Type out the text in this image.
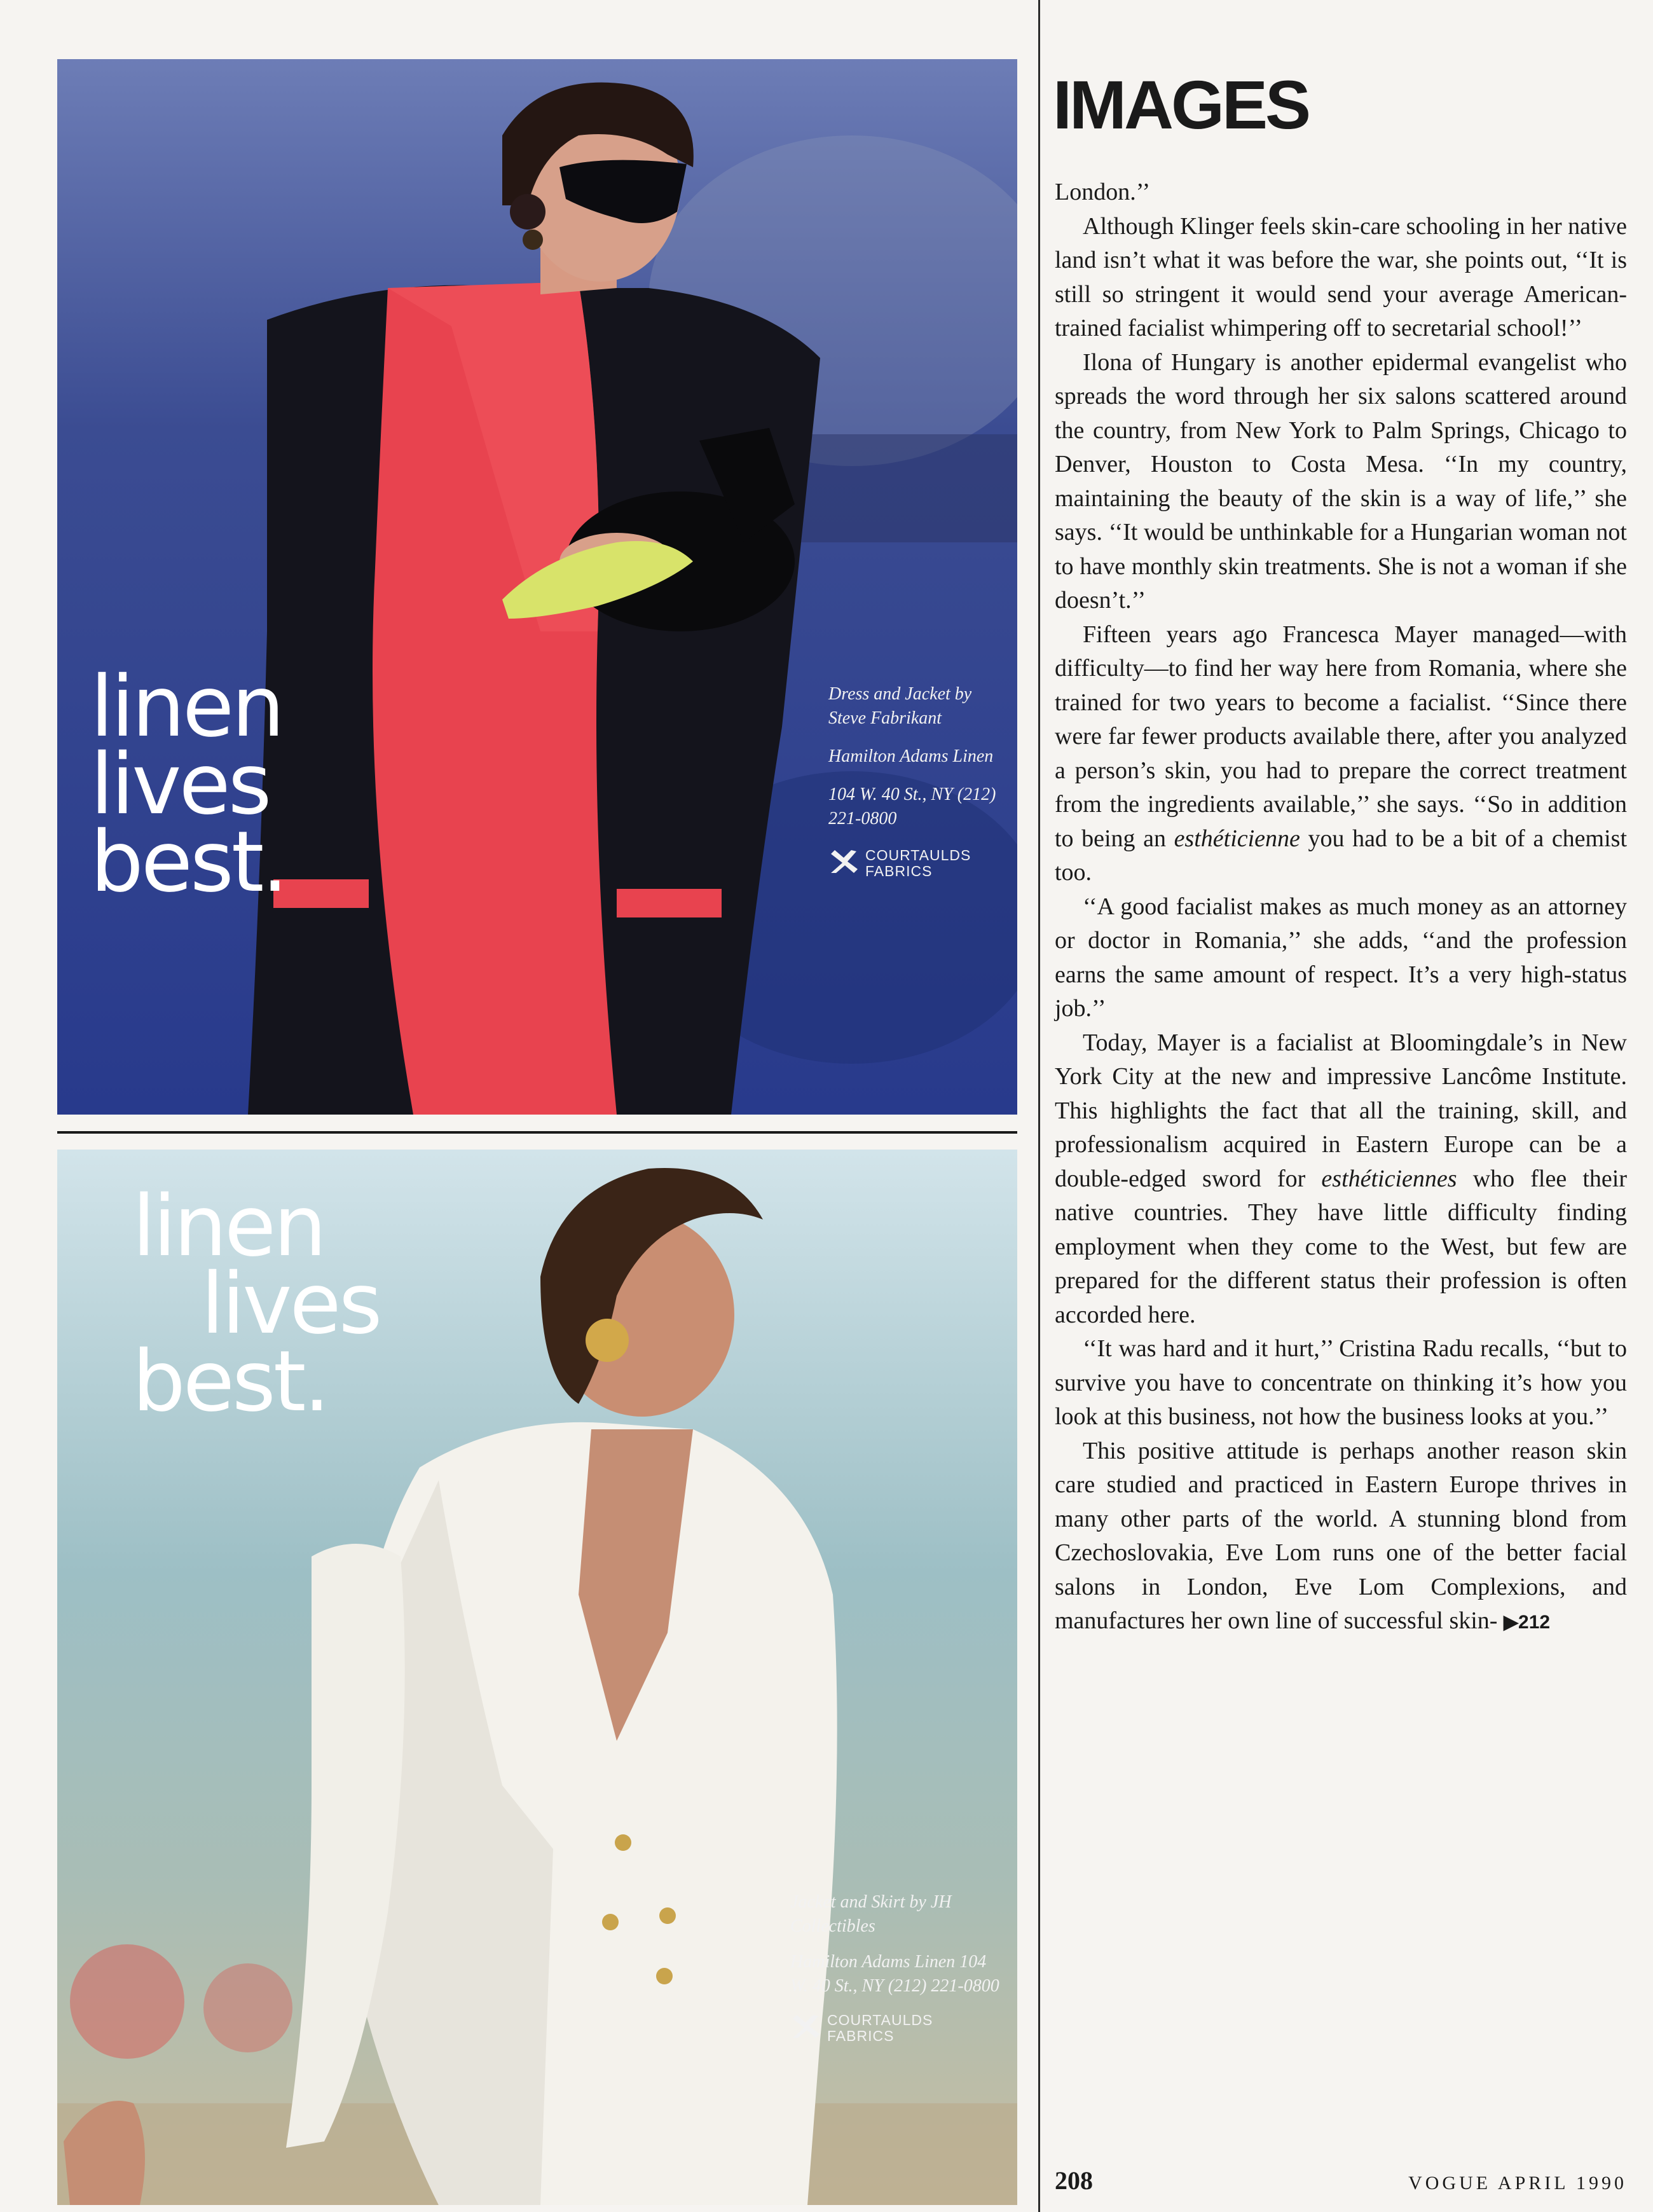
linen
lives
best.

Dress and Jacket by Steve Fabrikant

Hamilton Adams Linen

104 W. 40 St., NY (212) 221-0800

COURTAULDS
FABRICS
linen
lives
best.

Jacket and Skirt by JH Collectibles

Hamilton Adams Linen 104 W. 40 St., NY (212) 221-0800

COURTAULDS
FABRICS
IMAGES

London.’’

Although Klinger feels skin-care schooling in her native land isn’t what it was before the war, she points out, ‘‘It is still so stringent it would send your average American-trained facialist whimpering off to secretarial school!’’

Ilona of Hungary is another epidermal evangelist who spreads the word through her six salons scattered around the country, from New York to Palm Springs, Chicago to Denver, Houston to Costa Mesa. ‘‘In my country, maintaining the beauty of the skin is a way of life,’’ she says. ‘‘It would be unthinkable for a Hungarian woman not to have monthly skin treatments. She is not a woman if she doesn’t.’’

Fifteen years ago Francesca Mayer managed—with difficulty—to find her way here from Romania, where she trained for two years to become a facialist. ‘‘Since there were far fewer products available there, after you analyzed a person’s skin, you had to prepare the correct treatment from the ingredients available,’’ she says. ‘‘So in addition to being an esthéticienne you had to be a bit of a chemist too.

‘‘A good facialist makes as much money as an attorney or doctor in Romania,’’ she adds, ‘‘and the profession earns the same amount of respect. It’s a very high-status job.’’

Today, Mayer is a facialist at Bloomingdale’s in New York City at the new and impressive Lancôme Institute. This highlights the fact that all the training, skill, and professionalism acquired in Eastern Europe can be a double-edged sword for esthéticiennes who flee their native countries. They have little difficulty finding employment when they come to the West, but few are prepared for the different status their profession is often accorded here.

‘‘It was hard and it hurt,’’ Cristina Radu recalls, ‘‘but to survive you have to concentrate on thinking it’s how you look at this business, not how the business looks at you.’’

This positive attitude is perhaps another reason skin care studied and practiced in Eastern Europe thrives in many other parts of the world. A stunning blond from Czechoslovakia, Eve Lom runs one of the better facial salons in London, Eve Lom Complexions, and manufactures her own line of successful skin- ▶212

208	VOGUE APRIL 1990
